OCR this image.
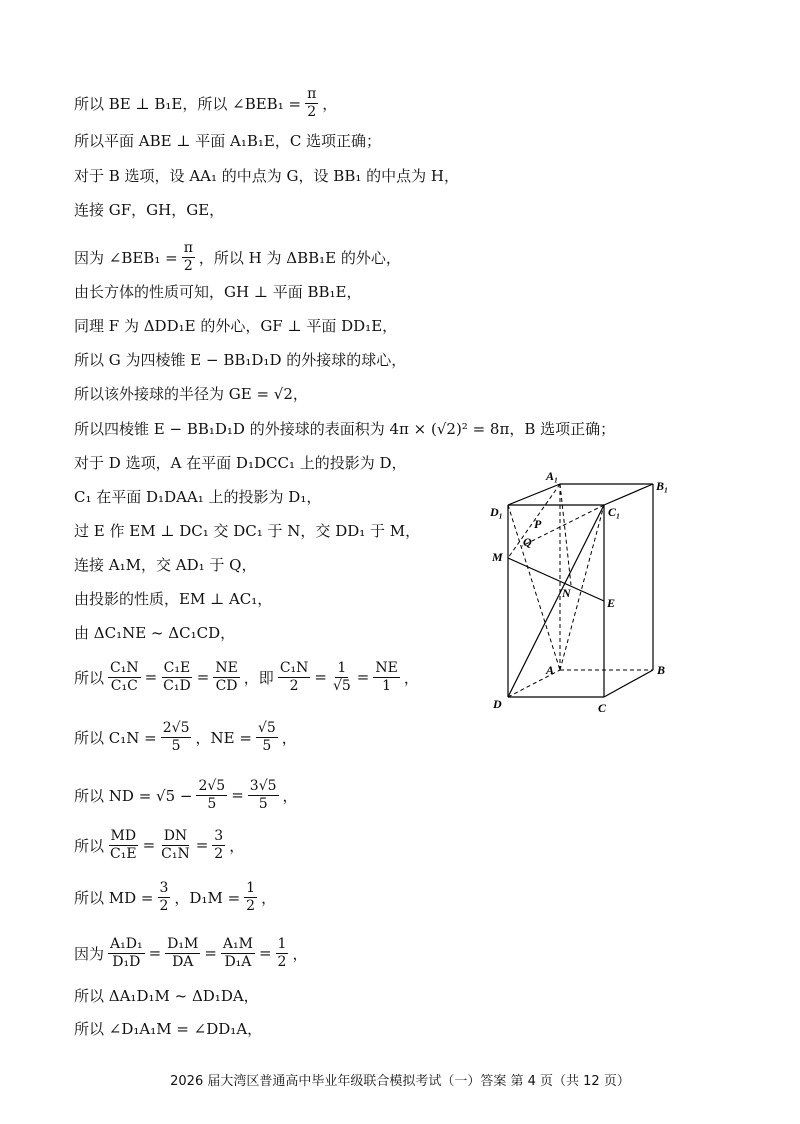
所以 BE ⊥ B₁E，所以 ∠BEB₁ = $\frac{\pi}{2}$ ，
所以平面 ABE ⊥ 平面 A₁B₁E，C 选项正确；
对于 B 选项，设 AA₁ 的中点为 G，设 BB₁ 的中点为 H，
连接 GF，GH，GE，
因为 ∠BEB₁ = $\frac{\pi}{2}$ ，所以 H 为 ΔBB₁E 的外心，
由长方体的性质可知，GH ⊥ 平面 BB₁E，
同理 F 为 ΔDD₁E 的外心，GF ⊥ 平面 DD₁E，
所以 G 为四棱锥 E − BB₁D₁D 的外接球的球心，
所以该外接球的半径为 GE = √2，
所以四棱锥 E − BB₁D₁D 的外接球的表面积为 4π × (√2)² = 8π，B 选项正确；
对于 D 选项，A 在平面 D₁DCC₁ 上的投影为 D，
C₁ 在平面 D₁DAA₁ 上的投影为 D₁，
过 E 作 EM ⊥ DC₁ 交 DC₁ 于 N，交 DD₁ 于 M，
连接 A₁M，交 AD₁ 于 Q，
由投影的性质，EM ⊥ AC₁，
由 ΔC₁NE ~ ΔC₁CD，
所以 $\frac{\text{C₁N}}{\text{C₁C}} = \frac{\text{C₁E}}{\text{C₁D}} = \frac{NE}{CD}$ ，即 $\frac{\text{C₁N}}{2} = \frac{1}{√5} = \frac{NE}{1}$ ，
所以 $C_1N = \frac{2√5}{5}$ ，NE = $\frac{√5}{5}$ ，
所以 ND = $√5 - \frac{2√5}{5} = \frac{3√5}{5}$ ，
所以 $\frac{MD}{\text{C₁E}} = \frac{DN}{\text{C₁N}} = \frac{3}{2}$ ，
所以 MD = $\frac{3}{2}$ ，$D_1M = \frac{1}{2}$ ，
因为 $\frac{\text{A₁D₁}}{\text{D₁D}} = \frac{\text{D₁M}}{DA} = \frac{\text{A₁M}}{\text{D₁A}} = \frac{1}{2}$ ，
所以 ΔA₁D₁M ~ ΔD₁DA，
所以 ∠D₁A₁M = ∠DD₁A，
A₁
B₁
D₁	C₁
P
Q
M
N
E
A	B
D	C
2026 届大湾区普通高中毕业年级联合模拟考试（一）答案 第 4 页（共 12 页）
